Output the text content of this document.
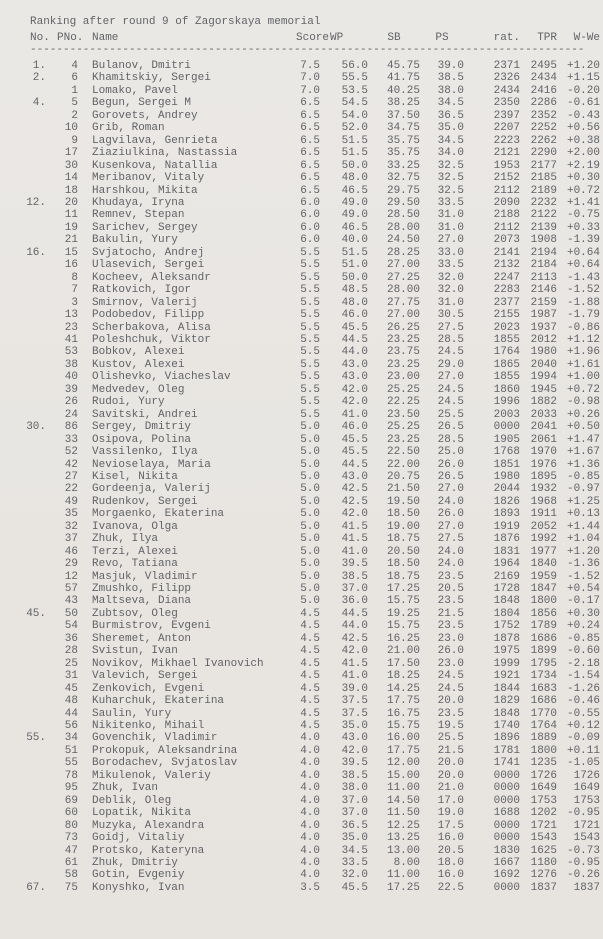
Ranking after round 9 of Zagorskaya memorial
No. PNo. Name	Score WP	SB	PS	rat.	TPR	W-We
------------------------------------------------------------------------------------
1.	4	Bulanov, Dmitri	7.5	56.0	45.75	39.0	2371 2495 +1.20
2.	6	Khamitskiy, Sergei	7.0	55.5	41.75	38.5	2326 2434 +1.15
1	Lomako, Pavel	7.0	53.5	40.25	38.0	2434 2416 -0.20
4.	5	Begun, Sergei M	6.5	54.5	38.25	34.5	2350 2286 -0.61
2	Gorovets, Andrey	6.5	54.0	37.50	36.5	2397 2352 -0.43
10	Grib, Roman	6.5	52.0	34.75	35.0	2207 2252 +0.56
9	Lagvilava, Genrieta	6.5	51.5	35.75	34.5	2223 2262 +0.38
17	Ziaziulkina, Nastassia	6.5	51.5	35.75	34.0	2121 2290 +2.00
30	Kusenkova, Natallia	6.5	50.0	33.25	32.5	1953 2177 +2.19
14	Meribanov, Vitaly	6.5	48.0	32.75	32.5	2152 2185 +0.30
18	Harshkou, Mikita	6.5	46.5	29.75	32.5	2112 2189 +0.72
12.	20	Khudaya, Iryna	6.0	49.0	29.50	33.5	2090 2232 +1.41
11	Remnev, Stepan	6.0	49.0	28.50	31.0	2188 2122 -0.75
19	Sarichev, Sergey	6.0	46.5	28.00	31.0	2112 2139 +0.33
21	Bakulin, Yury	6.0	40.0	24.50	27.0	2073 1908 -1.39
16.	15	Svjatocho, Andrej	5.5	51.5	28.25	33.0	2141 2194 +0.64
16	Ulasevich, Sergei	5.5	51.0	27.00	33.5	2132 2184 +0.64
8	Kocheev, Aleksandr	5.5	50.0	27.25	32.0	2247 2113 -1.43
7	Ratkovich, Igor	5.5	48.5	28.00	32.0	2283 2146 -1.52
3	Smirnov, Valerij	5.5	48.0	27.75	31.0	2377 2159 -1.88
13	Podobedov, Filipp	5.5	46.0	27.00	30.5	2155 1987 -1.79
23	Scherbakova, Alisa	5.5	45.5	26.25	27.5	2023 1937 -0.86
41	Poleshchuk, Viktor	5.5	44.5	23.25	28.5	1855 2012 +1.12
53	Bobkov, Alexei	5.5	44.0	23.75	24.5	1764 1980 +1.96
38	Kustov, Alexei	5.5	43.0	23.25	29.0	1865 2040 +1.61
40	Olishevko, Viacheslav	5.5	43.0	23.00	27.0	1855 1994 +1.00
39	Medvedev, Oleg	5.5	42.0	25.25	24.5	1860 1945 +0.72
26	Rudoi, Yury	5.5	42.0	22.25	24.5	1996 1882 -0.98
24	Savitski, Andrei	5.5	41.0	23.50	25.5	2003 2033 +0.26
30.	86	Sergey, Dmitriy	5.0	46.0	25.25	26.5	0000 2041 +0.50
33	Osipova, Polina	5.0	45.5	23.25	28.5	1905 2061 +1.47
52	Vassilenko, Ilya	5.0	45.5	22.50	25.0	1768 1970 +1.67
42	Nevioselaya, Maria	5.0	44.5	22.00	26.0	1851 1976 +1.36
27	Kisel, Nikita	5.0	43.0	20.75	26.5	1980 1895 -0.85
22	Gordeenja, Valerij	5.0	42.5	21.50	27.0	2044 1932 -0.97
49	Rudenkov, Sergei	5.0	42.5	19.50	24.0	1826 1968 +1.25
35	Morgaenko, Ekaterina	5.0	42.0	18.50	26.0	1893 1911 +0.13
32	Ivanova, Olga	5.0	41.5	19.00	27.0	1919 2052 +1.44
37	Zhuk, Ilya	5.0	41.5	18.75	27.5	1876 1992 +1.04
46	Terzi, Alexei	5.0	41.0	20.50	24.0	1831 1977 +1.20
29	Revo, Tatiana	5.0	39.5	18.50	24.0	1964 1840 -1.36
12	Masjuk, Vladimir	5.0	38.5	18.75	23.5	2169 1959 -1.52
57	Zmushko, Filipp	5.0	37.0	17.25	20.5	1728 1847 +0.54
43	Maltseva, Diana	5.0	36.0	15.75	23.5	1848 1800 -0.17
45.	50	Zubtsov, Oleg	4.5	44.5	19.25	21.5	1804 1856 +0.30
54	Burmistrov, Evgeni	4.5	44.0	15.75	23.5	1752 1789 +0.24
36	Sheremet, Anton	4.5	42.5	16.25	23.0	1878 1686 -0.85
28	Svistun, Ivan	4.5	42.0	21.00	26.0	1975 1899 -0.60
25	Novikov, Mikhael Ivanovich	4.5	41.5	17.50	23.0	1999 1795 -2.18
31	Valevich, Sergei	4.5	41.0	18.25	24.5	1921 1734 -1.54
45	Zenkovich, Evgeni	4.5	39.0	14.25	24.5	1844 1683 -1.26
48	Kuharchuk, Ekaterina	4.5	37.5	17.75	20.0	1829 1686 -0.46
44	Saulin, Yury	4.5	37.5	16.75	23.5	1848 1770 -0.55
56	Nikitenko, Mihail	4.5	35.0	15.75	19.5	1740 1764 +0.12
55.	34	Govenchik, Vladimir	4.0	43.0	16.00	25.5	1896 1889 -0.09
51	Prokopuk, Aleksandrina	4.0	42.0	17.75	21.5	1781 1800 +0.11
55	Borodachev, Svjatoslav	4.0	39.5	12.00	20.0	1741 1235 -1.05
78	Mikulenok, Valeriy	4.0	38.5	15.00	20.0	0000 1726	1726
95	Zhuk, Ivan	4.0	38.0	11.00	21.0	0000 1649	1649
69	Deblik, Oleg	4.0	37.0	14.50	17.0	0000 1753	1753
60	Lopatik, Nikita	4.0	37.0	11.50	19.0	1688 1202 -0.95
80	Muzyka, Alexandra	4.0	36.5	12.25	17.5	0000 1721	1721
73	Goidj, Vitaliy	4.0	35.0	13.25	16.0	0000 1543	1543
47	Protsko, Kateryna	4.0	34.5	13.00	20.5	1830 1625 -0.73
61	Zhuk, Dmitriy	4.0	33.5	8.00	18.0	1667 1180 -0.95
58	Gotin, Evgeniy	4.0	32.0	11.00	16.0	1692 1276 -0.26
67.	75	Konyshko, Ivan	3.5	45.5	17.25	22.5	0000 1837	1837
